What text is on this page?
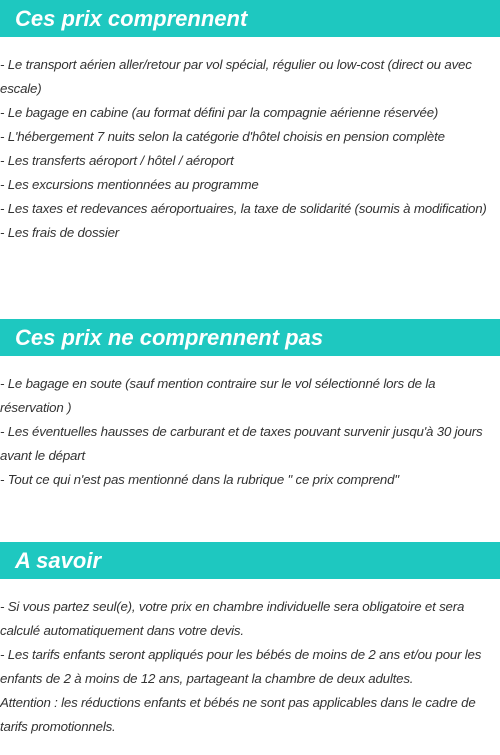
Ces prix comprennent
- Le transport aérien aller/retour par vol spécial, régulier ou low-cost (direct ou avec escale)
- Le bagage en cabine (au format défini par la compagnie aérienne réservée)
- L'hébergement 7 nuits selon la catégorie d'hôtel choisis en pension complète
- Les transferts aéroport / hôtel / aéroport
- Les excursions mentionnées au programme
- Les taxes et redevances aéroportuaires, la taxe de solidarité (soumis à modification)
- Les frais de dossier
Ces prix ne comprennent pas
- Le bagage en soute (sauf mention contraire sur le vol sélectionné lors de la réservation )
- Les éventuelles hausses de carburant et de taxes pouvant survenir jusqu'à 30 jours avant le départ
- Tout ce qui n'est pas mentionné dans la rubrique " ce prix comprend"
A savoir
- Si vous partez seul(e), votre prix en chambre individuelle sera obligatoire et sera calculé automatiquement dans votre devis.
- Les tarifs enfants seront appliqués pour les bébés de moins de 2 ans et/ou pour les enfants de 2 à moins de 12 ans, partageant la chambre de deux adultes.
Attention : les réductions enfants et bébés ne sont pas applicables dans le cadre de tarifs promotionnels.
